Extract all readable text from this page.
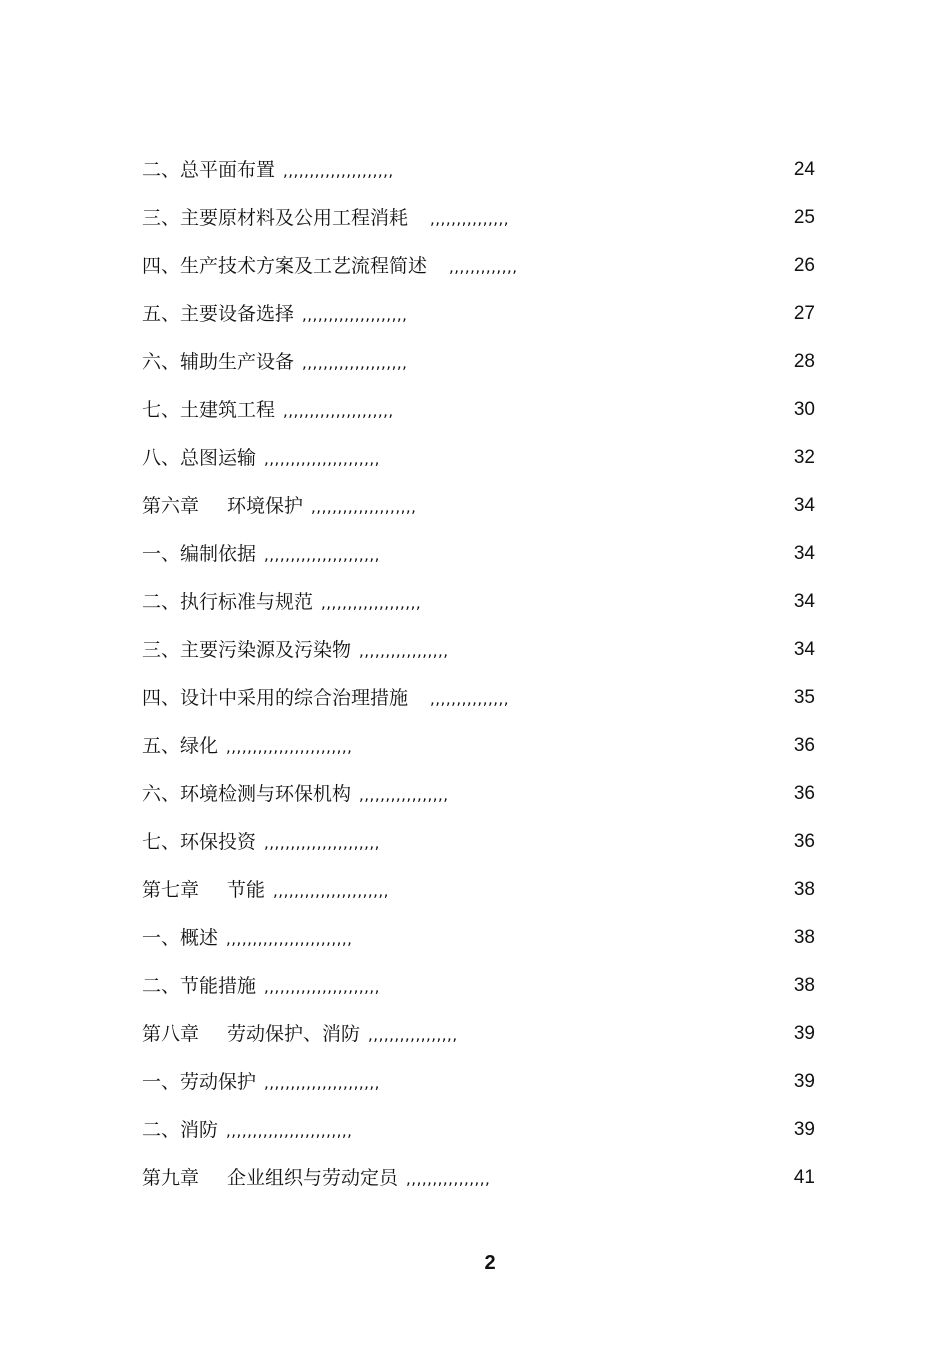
二、总平面布置 ,,,,,,,,,,,,,,,,,,,,,	24
三、主要原材料及公用工程消耗 ,,,,,,,,,,,,,,,	25
四、生产技术方案及工艺流程简述 ,,,,,,,,,,,,,	26
五、主要设备选择 ,,,,,,,,,,,,,,,,,,,,	27
六、辅助生产设备 ,,,,,,,,,,,,,,,,,,,,	28
七、土建筑工程 ,,,,,,,,,,,,,,,,,,,,,	30
八、总图运输 ,,,,,,,,,,,,,,,,,,,,,,	32
第六章 环境保护 ,,,,,,,,,,,,,,,,,,,,	34
一、编制依据 ,,,,,,,,,,,,,,,,,,,,,,	34
二、执行标准与规范 ,,,,,,,,,,,,,,,,,,,	34
三、主要污染源及污染物 ,,,,,,,,,,,,,,,,,	34
四、设计中采用的综合治理措施 ,,,,,,,,,,,,,,,	35
五、绿化 ,,,,,,,,,,,,,,,,,,,,,,,,	36
六、环境检测与环保机构 ,,,,,,,,,,,,,,,,,	36
七、环保投资 ,,,,,,,,,,,,,,,,,,,,,,	36
第七章 节能 ,,,,,,,,,,,,,,,,,,,,,,	38
一、概述 ,,,,,,,,,,,,,,,,,,,,,,,,	38
二、节能措施 ,,,,,,,,,,,,,,,,,,,,,,	38
第八章 劳动保护、消防 ,,,,,,,,,,,,,,,,,	39
一、劳动保护 ,,,,,,,,,,,,,,,,,,,,,,	39
二、消防 ,,,,,,,,,,,,,,,,,,,,,,,,	39
第九章 企业组织与劳动定员 ,,,,,,,,,,,,,,,,	41
2
